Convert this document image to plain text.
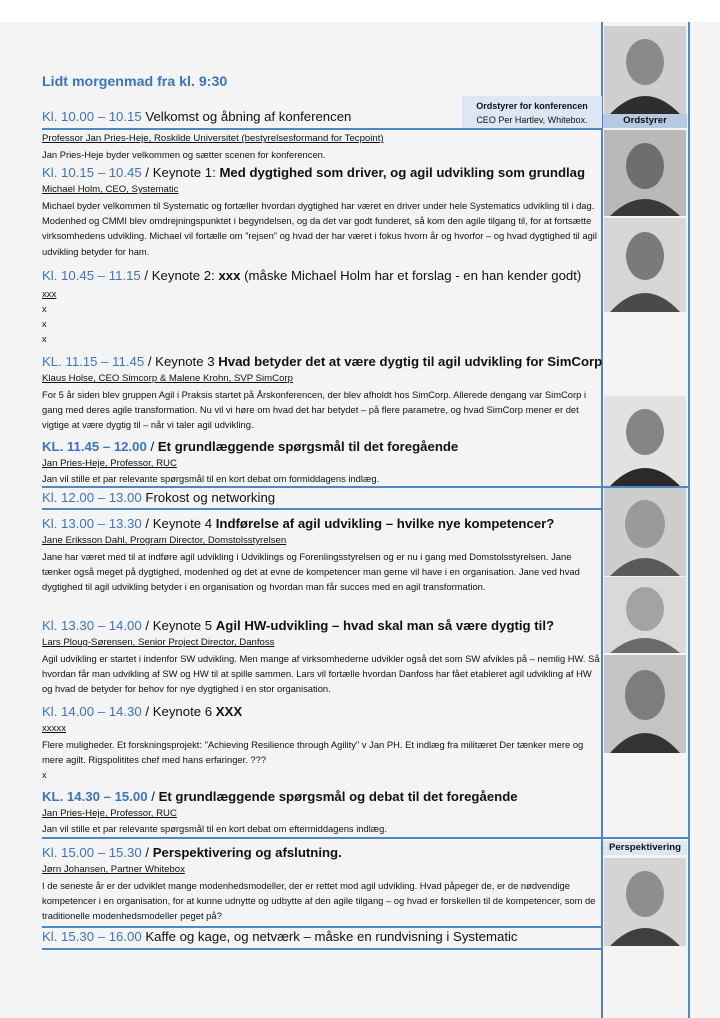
Lidt morgenmad fra kl. 9:30
Ordstyrer for konferencen
CEO Per Hartlev, Whitebox.	Ordstyrer
Kl. 10.00 – 10.15 Velkomst og åbning af konferencen
Professor Jan Pries-Heje, Roskilde Universitet (bestyrelsesformand for Tecpoint)
Jan Pries-Heje byder velkommen og sætter scenen for konferencen.
Kl. 10.15 – 10.45 / Keynote 1: Med dygtighed som driver, og agil udvikling som grundlag
Michael Holm, CEO, Systematic
Michael byder velkommen til Systematic og fortæller hvordan dygtighed har været en driver under hele Systematics udvikling til i dag. Modenhed og CMMI blev omdrejningspunktet i begyndelsen, og da det var godt funderet, så kom den agile tilgang til, for at fortsætte virksomhedens udvikling. Michael vil fortælle om ”rejsen” og hvad der har været i fokus hvorn år og hvorfor – og hvad dygtighed til agil udvikling betyder for ham.
Kl. 10.45 – 11.15 / Keynote 2: xxx (måske Michael Holm har et forslag - en han kender godt)
xxx
x
x
x
KL. 11.15 – 11.45 / Keynote 3 Hvad betyder det at være dygtig til agil udvikling for SimCorp
Klaus Holse, CEO Simcorp & Malene Krohn, SVP SimCorp
For 5 år siden blev gruppen Agil i Praksis startet på Årskonferencen, der blev afholdt hos SimCorp. Allerede dengang var SimCorp i gang med deres agile transformation. Nu vil vi høre om hvad det har betydet – på flere parametre, og hvad SimCorp mener er det vigtige at være dygtig til – når vi taler agil udvikling.
KL. 11.45 – 12.00 / Et grundlæggende spørgsmål til det foregående
Jan Pries-Heje, Professor, RUC
Jan vil stille et par relevante spørgsmål til en kort debat om formiddagens indlæg.
Kl. 12.00 – 13.00 Frokost og networking
Kl. 13.00 – 13.30 / Keynote 4 Indførelse af agil udvikling – hvilke nye kompetencer?
Jane Eriksson Dahl, Program Director, Domstolsstyrelsen
Jane har været med til at indføre agil udvikling i Udviklings og Forenlingsstyrelsen og er nu i gang med Domstolsstyrelsen. Jane tænker også meget på dygtighed, modenhed og det at evne de kompetencer man gerne vil have i en organisation. Jane ved hvad dygtighed til agil udvikling betyder i en organisation og hvordan man får succes med en agil transformation.
Kl. 13.30 – 14.00 / Keynote 5 Agil HW-udvikling – hvad skal man så være dygtig til?
Lars Ploug-Sørensen, Senior Project Director, Danfoss
Agil udvikling er startet i indenfor SW udvikling. Men mange af virksomhederne udvikler også det som SW afvikles på – nemlig HW. Så hvordan får man udvikling af SW og HW til at spille sammen. Lars vil fortælle hvordan Danfoss har fået etableret agil udvikling af HW og hvad de betyder for behov for nye dygtighed i en stor organisation.
Kl. 14.00 – 14.30 / Keynote 6 XXX
xxxxx
Flere muligheder. Et forskningsprojekt: "Achieving Resilience through Agility" v Jan PH. Et indlæg fra militæret Der tænker mere og mere agilt. Rigspolitites chef med hans erfaringer. ???
x
KL. 14.30 – 15.00 / Et grundlæggende spørgsmål og debat til det foregående
Jan Pries-Heje, Professor, RUC
Jan vil stille et par relevante spørgsmål til en kort debat om eftermiddagens indlæg.
Perspektivering
Kl. 15.00 – 15.30 / Perspektivering og afslutning.
Jørn Johansen, Partner Whitebox
I de seneste år er der udviklet mange modenhedsmodeller, der er rettet mod agil udvikling. Hvad påpeger de, er de nødvendige kompetencer i en organisation, for at kunne udnytte og udbytte af den agile tilgang – og hvad er forskellen til de kompetencer, som de traditionelle modenhedsmodeller peget på?
Kl. 15.30 – 16.00 Kaffe og kage, og netværk – måske en rundvisning i Systematic
